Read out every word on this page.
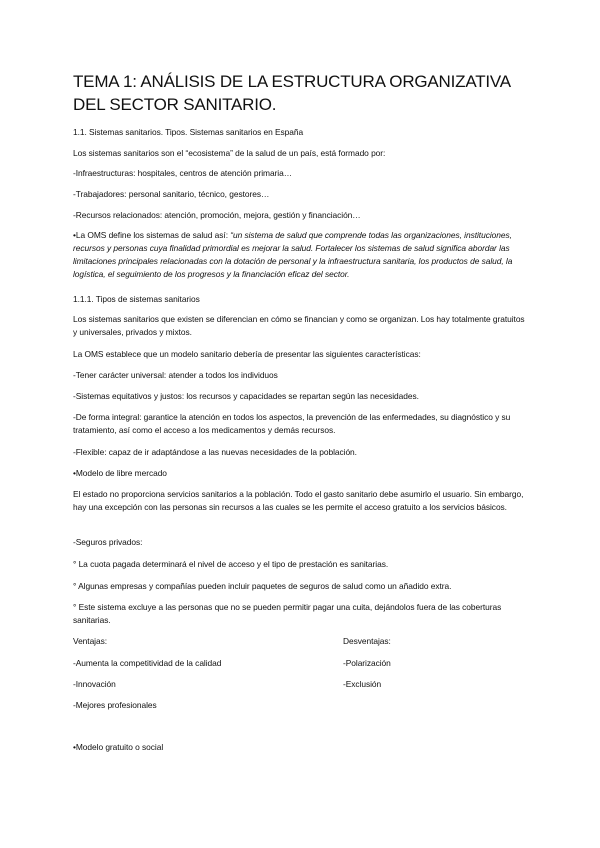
TEMA 1: ANÁLISIS DE LA ESTRUCTURA ORGANIZATIVA DEL SECTOR SANITARIO.
1.1. Sistemas sanitarios. Tipos. Sistemas sanitarios en España
Los sistemas sanitarios son el “ecosistema” de la salud de un país, está formado por:
-Infraestructuras: hospitales, centros de atención primaria…
-Trabajadores: personal sanitario, técnico, gestores…
-Recursos relacionados: atención, promoción, mejora, gestión y financiación…
•La OMS define los sistemas de salud así: “un sistema de salud que comprende todas las organizaciones, instituciones, recursos y personas cuya finalidad primordial es mejorar la salud. Fortalecer los sistemas de salud significa abordar las limitaciones principales relacionadas con la dotación de personal y la infraestructura sanitaria, los productos de salud, la logística, el seguimiento de los progresos y la financiación eficaz del sector.
1.1.1. Tipos de sistemas sanitarios
Los sistemas sanitarios que existen se diferencian en cómo se financian y como se organizan. Los hay totalmente gratuitos y universales, privados y mixtos.
La OMS establece que un modelo sanitario debería de presentar las siguientes características:
-Tener carácter universal: atender a todos los individuos
-Sistemas equitativos y justos: los recursos y capacidades se repartan según las necesidades.
-De forma integral: garantice la atención en todos los aspectos, la prevención de las enfermedades, su diagnóstico y su tratamiento, así como el acceso a los medicamentos y demás recursos.
-Flexible: capaz de ir adaptándose a las nuevas necesidades de la población.
•Modelo de libre mercado
El estado no proporciona servicios sanitarios a la población. Todo el gasto sanitario debe asumirlo el usuario. Sin embargo, hay una excepción con las personas sin recursos a las cuales se les permite el acceso gratuito a los servicios básicos.
-Seguros privados:
° La cuota pagada determinará el nivel de acceso y el tipo de prestación es sanitarias.
° Algunas empresas y compañías pueden incluir paquetes de seguros de salud como un añadido extra.
° Este sistema excluye a las personas que no se pueden permitir pagar una cuita, dejándolos fuera de las coberturas sanitarias.
Ventajas:	Desventajas:
-Aumenta la competitividad de la calidad	-Polarización
-Innovación	-Exclusión
-Mejores profesionales
•Modelo gratuito o social
